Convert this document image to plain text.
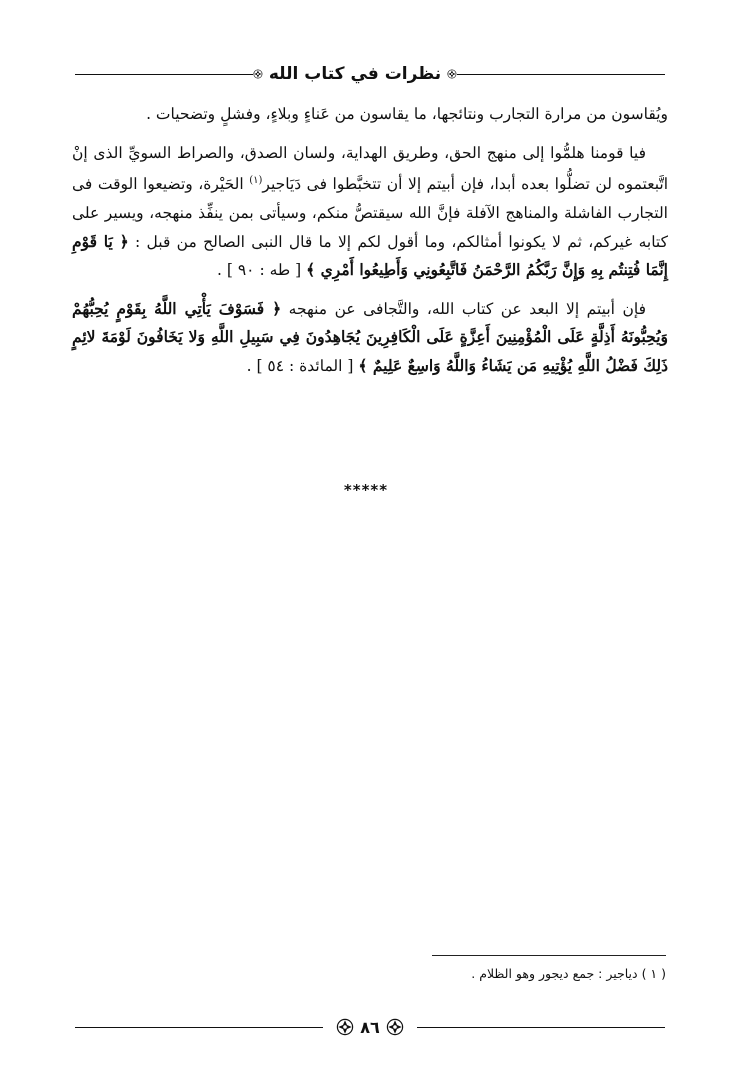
نظرات في كتاب الله

ويُقاسون من مرارة التجارب ونتائجها، ما يقاسون من عَناءٍ وبلاءٍ، وفشلٍ وتضحيات .

فيا قومنا هلمُّوا إلى منهج الحق، وطريق الهداية، ولسان الصدق، والصراط السويِّ الذى إنْ اتَّبعتموه لن تضلُّوا بعده أبدا، فإن أبيتم إلا أن تتخبَّطوا فى دَيَاجير$^{(١)}$ الحَيْرة، وتضيعوا الوقت فى التجارب الفاشلة والمناهج الآفلة فإنَّ الله سيقتصُّ منكم، وسيأتى بمن ينفِّذ منهجه، ويسير على كتابه غيركم، ثم لا يكونوا أمثالكم، وما أقول لكم إلا ما قال النبى الصالح من قبل : ﴿ يَا قَوْمِ إِنَّمَا فُتِنتُم بِهِ وَإِنَّ رَبَّكُمُ الرَّحْمَنُ فَاتَّبِعُونِي وَأَطِيعُوا أَمْرِي ﴾ [ طه : ٩٠ ] .

فإن أبيتم إلا البعد عن كتاب الله، والتَّجافى عن منهجه ﴿ فَسَوْفَ يَأْتِي اللَّهُ بِقَوْمٍ يُحِبُّهُمْ وَيُحِبُّونَهُ أَذِلَّةٍ عَلَى الْمُؤْمِنِينَ أَعِزَّةٍ عَلَى الْكَافِرِينَ يُجَاهِدُونَ فِي سَبِيلِ اللَّهِ وَلا يَخَافُونَ لَوْمَةَ لائِمٍ ذَلِكَ فَضْلُ اللَّهِ يُؤْتِيهِ مَن يَشَاءُ وَاللَّهُ وَاسِعٌ عَلِيمٌ ﴾ [ المائدة : ٥٤ ] .

*****
( ١ ) دياجير : جمع ديجور وهو الظلام .
٨٦
